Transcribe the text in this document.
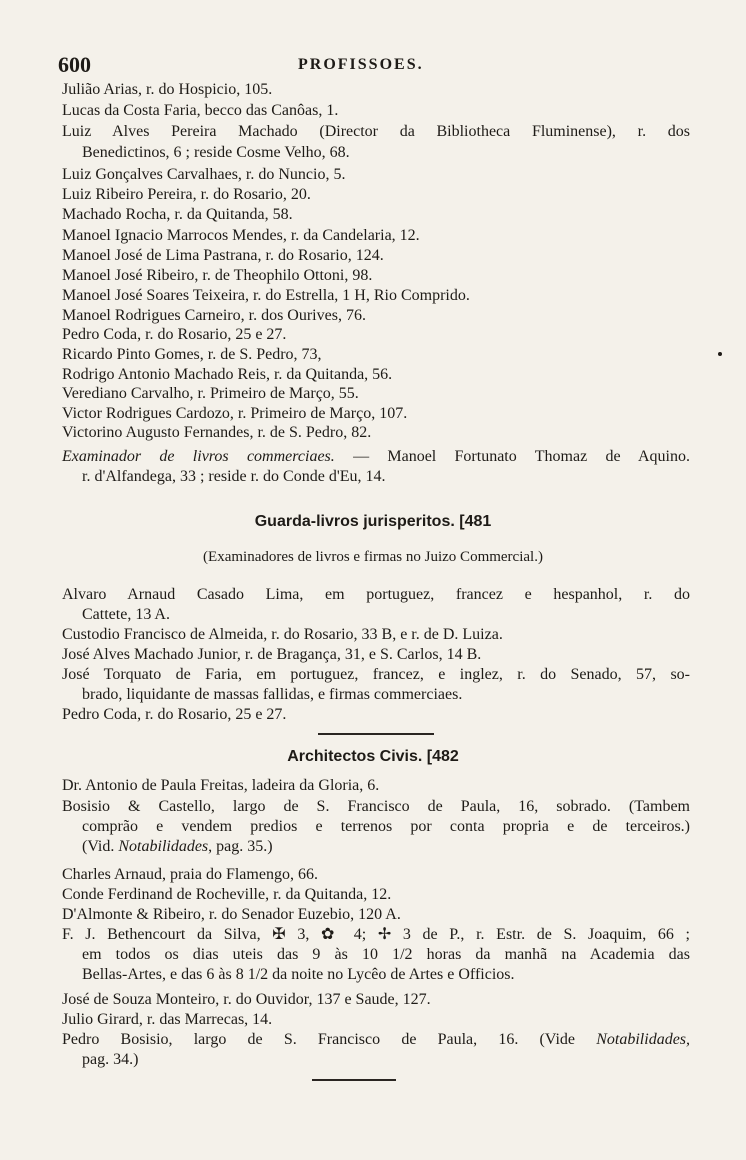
600	PROFISSOES.
Julião Arias, r. do Hospicio, 105.
Lucas da Costa Faria, becco das Canôas, 1.
Luiz Alves Pereira Machado (Director da Bibliotheca Fluminense), r. dos
Benedictinos, 6 ; reside Cosme Velho, 68.
Luiz Gonçalves Carvalhaes, r. do Nuncio, 5.
Luiz Ribeiro Pereira, r. do Rosario, 20.
Machado Rocha, r. da Quitanda, 58.
Manoel Ignacio Marrocos Mendes, r. da Candelaria, 12.
Manoel José de Lima Pastrana, r. do Rosario, 124.
Manoel José Ribeiro, r. de Theophilo Ottoni, 98.
Manoel José Soares Teixeira, r. do Estrella, 1 H, Rio Comprido.
Manoel Rodrigues Carneiro, r. dos Ourives, 76.
Pedro Coda, r. do Rosario, 25 e 27.
Ricardo Pinto Gomes, r. de S. Pedro, 73,
Rodrigo Antonio Machado Reis, r. da Quitanda, 56.
Verediano Carvalho, r. Primeiro de Março, 55.
Victor Rodrigues Cardozo, r. Primeiro de Março, 107.
Victorino Augusto Fernandes, r. de S. Pedro, 82.
Examinador de livros commerciaes. — Manoel Fortunato Thomaz de Aquino.
r. d'Alfandega, 33 ; reside r. do Conde d'Eu, 14.
Guarda-livros jurisperitos. [481
(Examinadores de livros e firmas no Juizo Commercial.)
Alvaro Arnaud Casado Lima, em portuguez, francez e hespanhol, r. do
Cattete, 13 A.
Custodio Francisco de Almeida, r. do Rosario, 33 B, e r. de D. Luiza.
José Alves Machado Junior, r. de Bragança, 31, e S. Carlos, 14 B.
José Torquato de Faria, em portuguez, francez, e inglez, r. do Senado, 57, so-
brado, liquidante de massas fallidas, e firmas commerciaes.
Pedro Coda, r. do Rosario, 25 e 27.
Architectos Civis. [482
Dr. Antonio de Paula Freitas, ladeira da Gloria, 6.
Bosisio & Castello, largo de S. Francisco de Paula, 16, sobrado. (Tambem
comprão e vendem predios e terrenos por conta propria e de terceiros.)
(Vid. Notabilidades, pag. 35.)
Charles Arnaud, praia do Flamengo, 66.
Conde Ferdinand de Rocheville, r. da Quitanda, 12.
D'Almonte & Ribeiro, r. do Senador Euzebio, 120 A.
F. J. Bethencourt da Silva, ✠ 3, ✿ 4; ✢ 3 de P., r. Estr. de S. Joaquim, 66 ;
em todos os dias uteis das 9 às 10 1/2 horas da manhã na Academia das
Bellas-Artes, e das 6 às 8 1/2 da noite no Lycêo de Artes e Officios.
José de Souza Monteiro, r. do Ouvidor, 137 e Saude, 127.
Julio Girard, r. das Marrecas, 14.
Pedro Bosisio, largo de S. Francisco de Paula, 16. (Vide Notabilidades,
pag. 34.)
